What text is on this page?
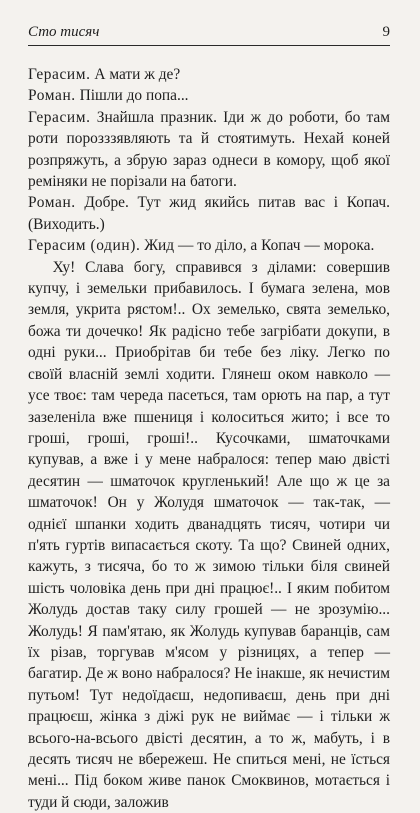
Сто тисяч	9

Герасим. А мати ж де?

Роман. Пішли до попа...

Герасим. Знайшла празник. Іди ж до роботи, бо там роти порозззявляють та й стоятимуть. Нехай коней розпряжуть, а збрую зараз однеси в комору, щоб якої реміняки не порізали на батоги.

Роман. Добре. Тут жид якийсь питав вас і Копач. (Виходить.)

Герасим (один). Жид — то діло, а Копач — морока.

Ху! Слава богу, справився з ділами: совершив купчу, і земельки прибавилось. І бумага зелена, мов земля, укрита рястом!.. Ох земелько, свята земелько, божа ти дочечко! Як радісно тебе загрібати докупи, в одні руки... Приобрітав би тебе без ліку. Легко по своїй власній землі ходити. Глянеш оком навколо — усе твоє: там череда пасеться, там орють на пар, а тут зазеленіла вже пшениця і колоситься жито; і все то гроші, гроші, гроші!.. Кусочками, шматочками купував, а вже і у мене набралося: тепер маю двісті десятин — шматочок кругленький! Але що ж це за шматочок! Он у Жолудя шматочок — так-так, — однієї шпанки ходить дванадцять тисяч, чотири чи п'ять гуртів випасається скоту. Та що? Свиней одних, кажуть, з тисяча, бо то ж зимою тільки біля свиней шість чоловіка день при дні працює!.. І яким побитом Жолудь достав таку силу грошей — не зрозумію... Жолудь! Я пам'ятаю, як Жолудь купував баранців, сам їх різав, торгував м'ясом у різницях, а тепер — багатир. Де ж воно набралося? Не інакше, як нечистим путьом! Тут недоїдаєш, недопиваєш, день при дні працюєш, жінка з діжі рук не виймає — і тільки ж всього-на-всього двісті десятин, а то ж, мабуть, і в десять тисяч не вбережеш. Не спиться мені, не їсться мені... Під боком живе панок Смоквинов, мотається і туди й сюди, заложив
